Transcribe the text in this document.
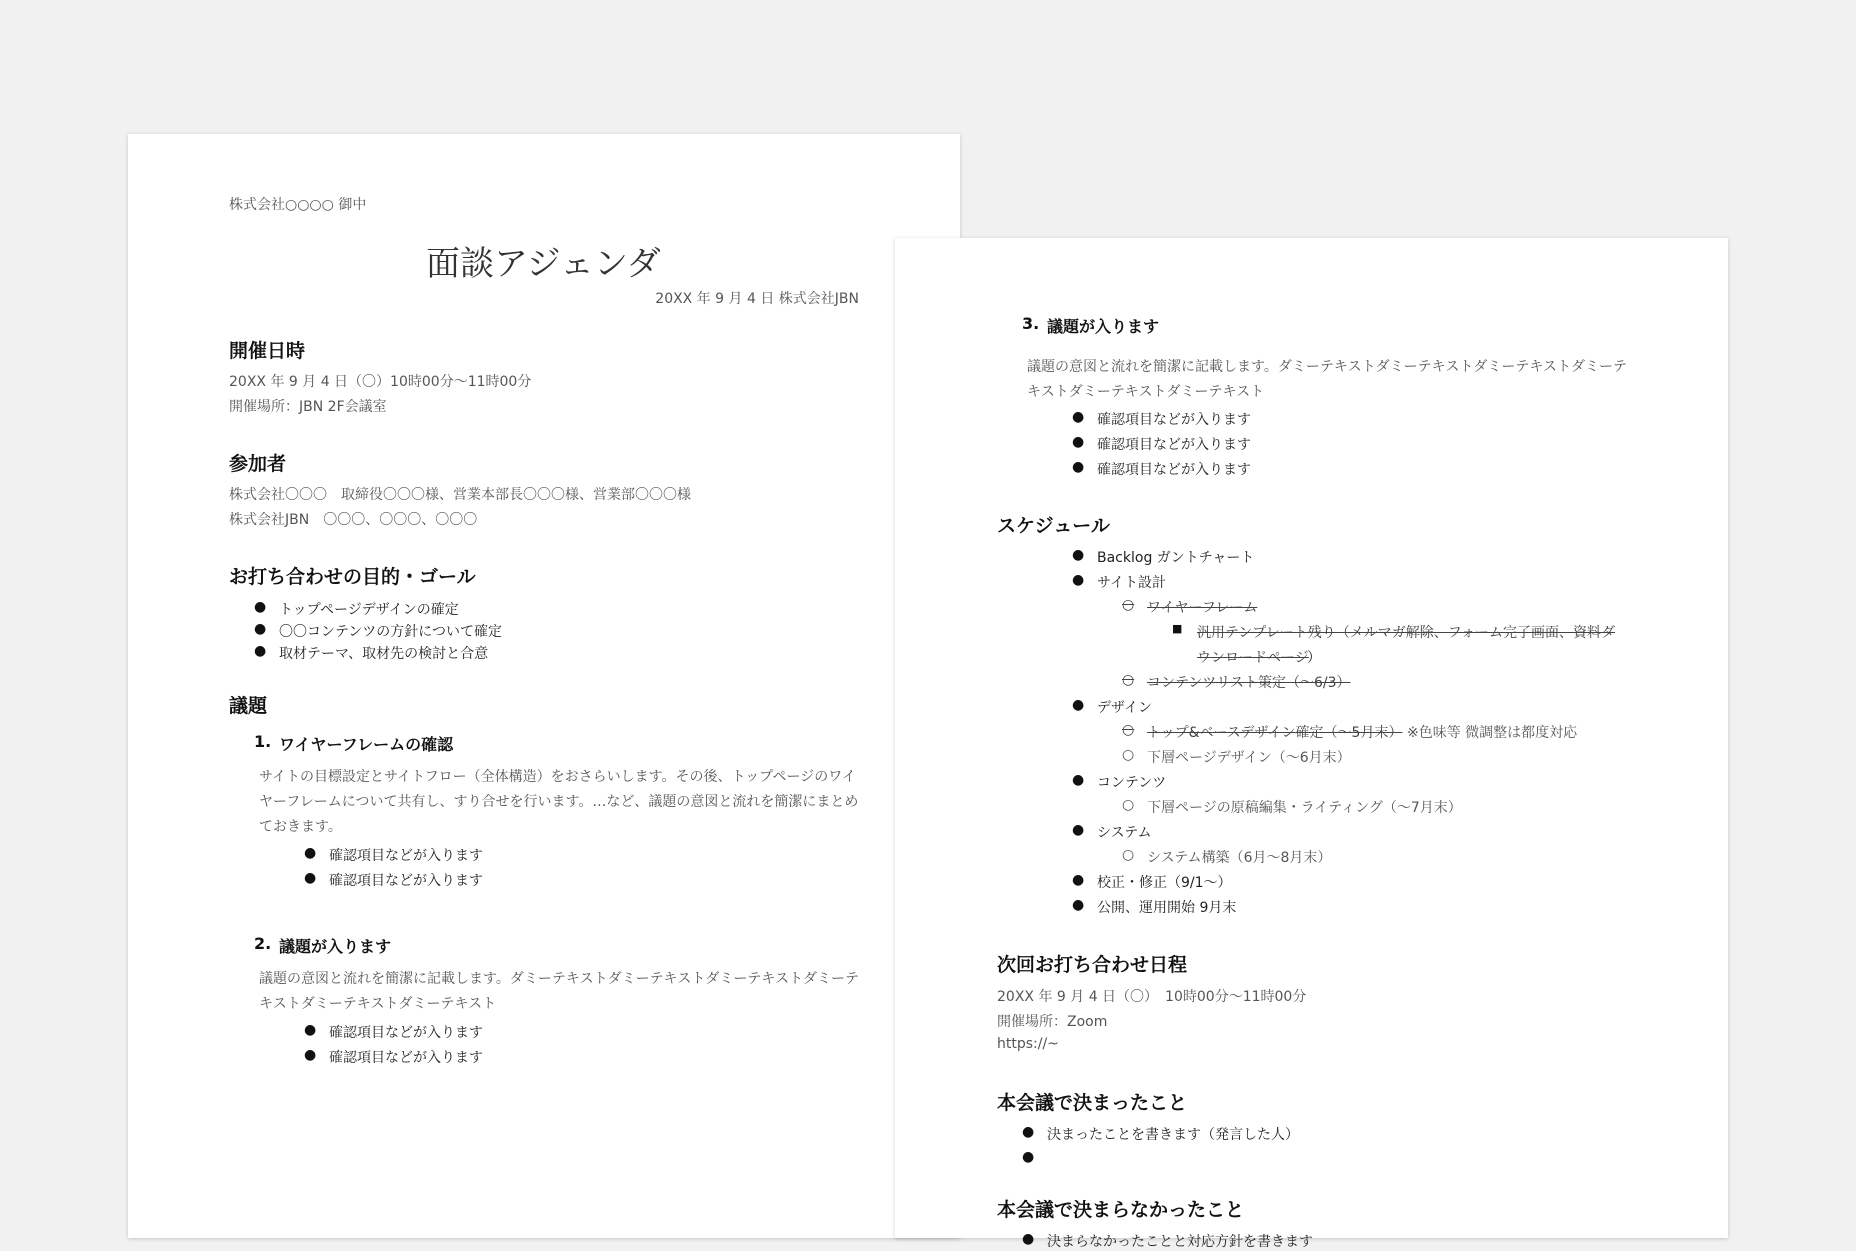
株式会社○○○○ 御中
面談アジェンダ
20XX 年 9 月 4 日 株式会社JBN
開催日時
20XX 年 9 月 4 日（〇）10時00分〜11時00分
開催場所：JBN 2F会議室
参加者
株式会社〇〇〇　取締役〇〇〇様、営業本部長〇〇〇様、営業部〇〇〇様
株式会社JBN　〇〇〇、〇〇〇、〇〇〇
お打ち合わせの目的・ゴール
● トップページデザインの確定
● 〇〇コンテンツの方針について確定
● 取材テーマ、取材先の検討と合意
議題
1. ワイヤーフレームの確認
サイトの目標設定とサイトフロー（全体構造）をおさらいします。その後、トップページのワイヤーフレームについて共有し、すり合せを行います。…など、議題の意図と流れを簡潔にまとめておきます。
● 確認項目などが入ります
● 確認項目などが入ります
2. 議題が入ります
議題の意図と流れを簡潔に記載します。ダミーテキストダミーテキストダミーテキストダミーテキストダミーテキストダミーテキスト
● 確認項目などが入ります
● 確認項目などが入ります
3. 議題が入ります
議題の意図と流れを簡潔に記載します。ダミーテキストダミーテキストダミーテキストダミーテキストダミーテキストダミーテキスト
● 確認項目などが入ります
● 確認項目などが入ります
● 確認項目などが入ります
スケジュール
● Backlog ガントチャート
● サイト設計
○ ワイヤーフレーム
■ 汎用テンプレート残り（メルマガ解除、フォーム完了画面、資料ダ
ウンロードページ
）
○ コンテンツリスト策定（〜6/3）
● デザイン
○ トップ&ベースデザイン確定（〜5月末） ※色味等 微調整は都度対応
○ 下層ページデザイン（〜6月末）
● コンテンツ
○ 下層ページの原稿編集・ライティング（〜7月末）
● システム
○ システム構築（6月〜8月末）
● 校正・修正（9/1〜）
● 公開、運用開始 9月末
次回お打ち合わせ日程
20XX 年 9 月 4 日（〇）　10時00分〜11時00分
開催場所：Zoom
https://~
本会議で決まったこと
● 決まったことを書きます（発言した人）
●
本会議で決まらなかったこと
● 決まらなかったことと対応方針を書きます
